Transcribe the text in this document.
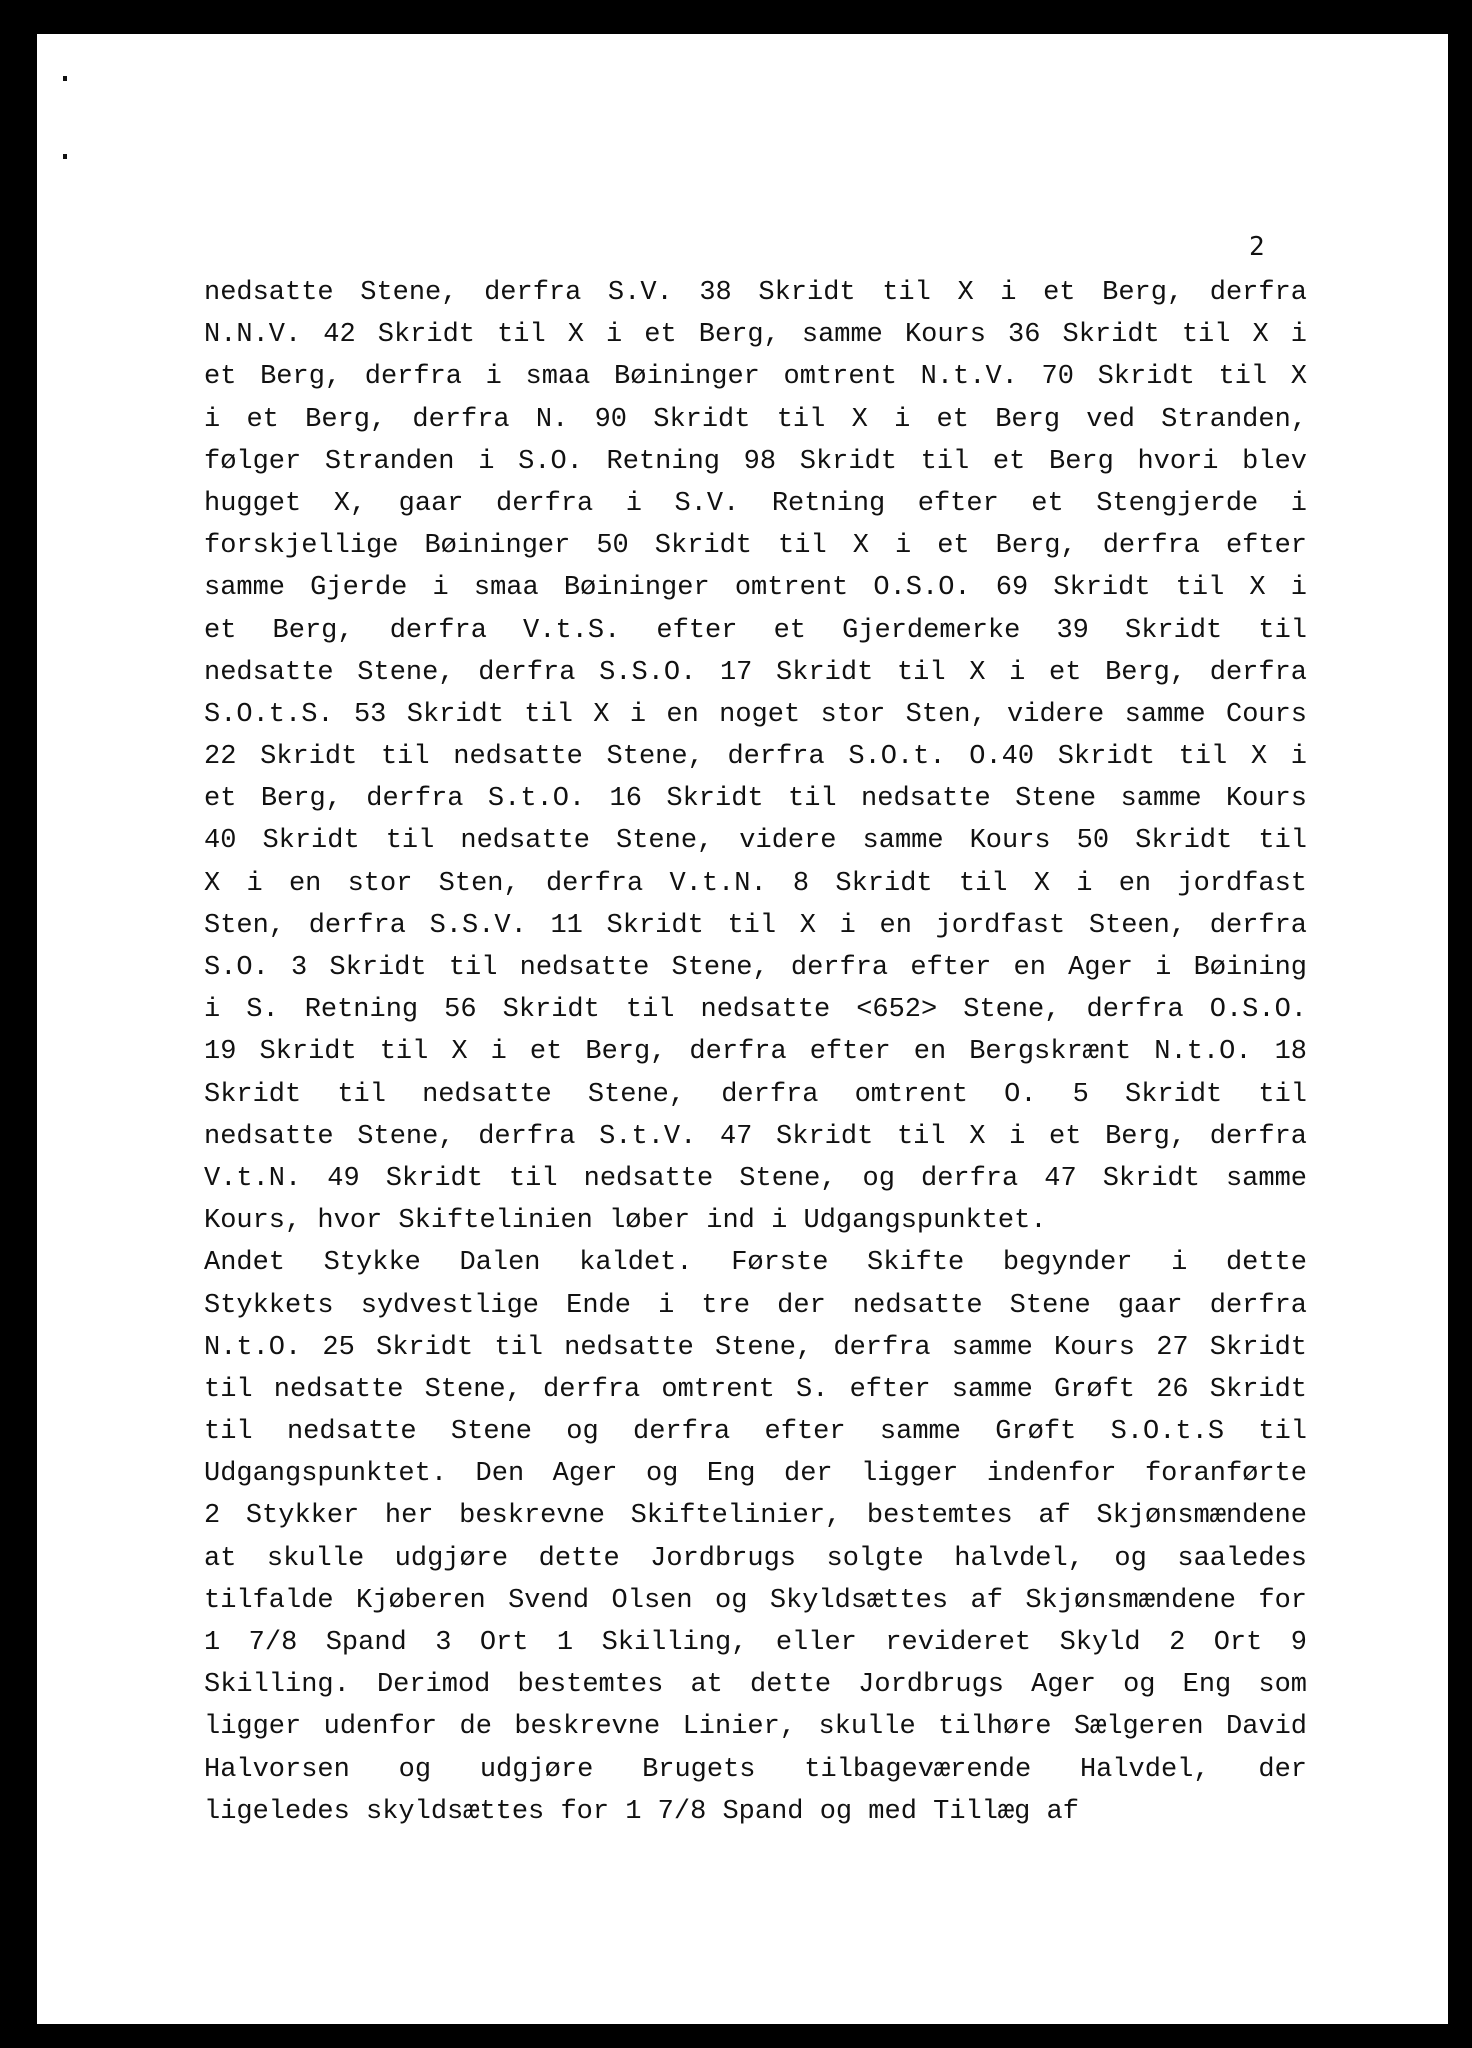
2
nedsatte Stene, derfra S.V. 38 Skridt til X i et Berg, derfra
N.N.V. 42 Skridt til X i et Berg, samme Kours 36 Skridt til X i
et Berg, derfra i smaa Bøininger omtrent N.t.V. 70 Skridt til X
i et Berg, derfra N. 90 Skridt til X i et Berg ved Stranden,
følger Stranden i S.O. Retning 98 Skridt til et Berg hvori blev
hugget X, gaar derfra i S.V. Retning efter et Stengjerde i
forskjellige Bøininger 50 Skridt til X i et Berg, derfra efter
samme Gjerde i smaa Bøininger omtrent O.S.O. 69 Skridt til X i
et Berg, derfra V.t.S. efter et Gjerdemerke 39 Skridt til
nedsatte Stene, derfra S.S.O. 17 Skridt til X i et Berg, derfra
S.O.t.S. 53 Skridt til X i en noget stor Sten, videre samme Cours
22 Skridt til nedsatte Stene, derfra S.O.t. O.40 Skridt til X i
et Berg, derfra S.t.O. 16 Skridt til nedsatte Stene samme Kours
40 Skridt til nedsatte Stene, videre samme Kours 50 Skridt til
X i en stor Sten, derfra V.t.N. 8 Skridt til X i en jordfast
Sten, derfra S.S.V. 11 Skridt til X i en jordfast Steen, derfra
S.O. 3 Skridt til nedsatte Stene, derfra efter en Ager i Bøining
i S. Retning 56 Skridt til nedsatte <652> Stene, derfra O.S.O.
19 Skridt til X i et Berg, derfra efter en Bergskrænt N.t.O. 18
Skridt til nedsatte Stene, derfra omtrent O. 5 Skridt til
nedsatte Stene, derfra S.t.V. 47 Skridt til X i et Berg, derfra
V.t.N. 49 Skridt til nedsatte Stene, og derfra 47 Skridt samme
Kours, hvor Skiftelinien løber ind i Udgangspunktet.
Andet Stykke Dalen kaldet. Første Skifte begynder i dette
Stykkets sydvestlige Ende i tre der nedsatte Stene gaar derfra
N.t.O. 25 Skridt til nedsatte Stene, derfra samme Kours 27 Skridt
til nedsatte Stene, derfra omtrent S. efter samme Grøft 26 Skridt
til nedsatte Stene og derfra efter samme Grøft S.O.t.S til
Udgangspunktet. Den Ager og Eng der ligger indenfor foranførte
2 Stykker her beskrevne Skiftelinier, bestemtes af Skjønsmændene
at skulle udgjøre dette Jordbrugs solgte halvdel, og saaledes
tilfalde Kjøberen Svend Olsen og Skyldsættes af Skjønsmændene for
1 7/8 Spand 3 Ort 1 Skilling, eller revideret Skyld 2 Ort 9
Skilling. Derimod bestemtes at dette Jordbrugs Ager og Eng som
ligger udenfor de beskrevne Linier, skulle tilhøre Sælgeren David
Halvorsen og udgjøre Brugets tilbageværende Halvdel, der
ligeledes skyldsættes for 1 7/8 Spand og med Tillæg af
